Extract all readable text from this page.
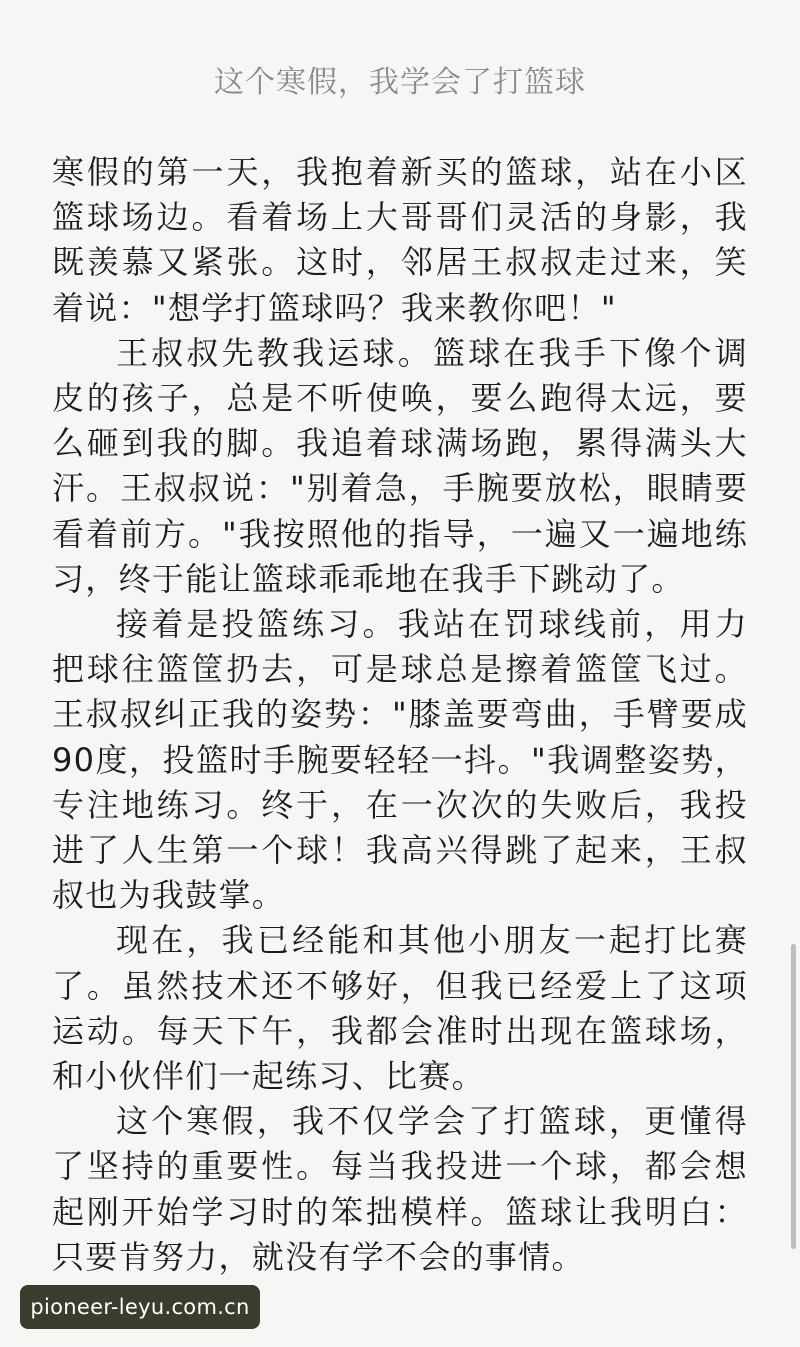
这个寒假，我学会了打篮球

寒假的第一天，我抱着新买的篮球，站在小区篮球场边。看着场上大哥哥们灵活的身影，我既羡慕又紧张。这时，邻居王叔叔走过来，笑着说："想学打篮球吗？我来教你吧！"

王叔叔先教我运球。篮球在我手下像个调皮的孩子，总是不听使唤，要么跑得太远，要么砸到我的脚。我追着球满场跑，累得满头大汗。王叔叔说："别着急，手腕要放松，眼睛要看着前方。"我按照他的指导，一遍又一遍地练习，终于能让篮球乖乖地在我手下跳动了。

接着是投篮练习。我站在罚球线前，用力把球往篮筐扔去，可是球总是擦着篮筐飞过。王叔叔纠正我的姿势："膝盖要弯曲，手臂要成90度，投篮时手腕要轻轻一抖。"我调整姿势，专注地练习。终于，在一次次的失败后，我投进了人生第一个球！我高兴得跳了起来，王叔叔也为我鼓掌。

现在，我已经能和其他小朋友一起打比赛了。虽然技术还不够好，但我已经爱上了这项运动。每天下午，我都会准时出现在篮球场，和小伙伴们一起练习、比赛。

这个寒假，我不仅学会了打篮球，更懂得了坚持的重要性。每当我投进一个球，都会想起刚开始学习时的笨拙模样。篮球让我明白：只要肯努力，就没有学不会的事情。

pioneer-leyu.com.cn
